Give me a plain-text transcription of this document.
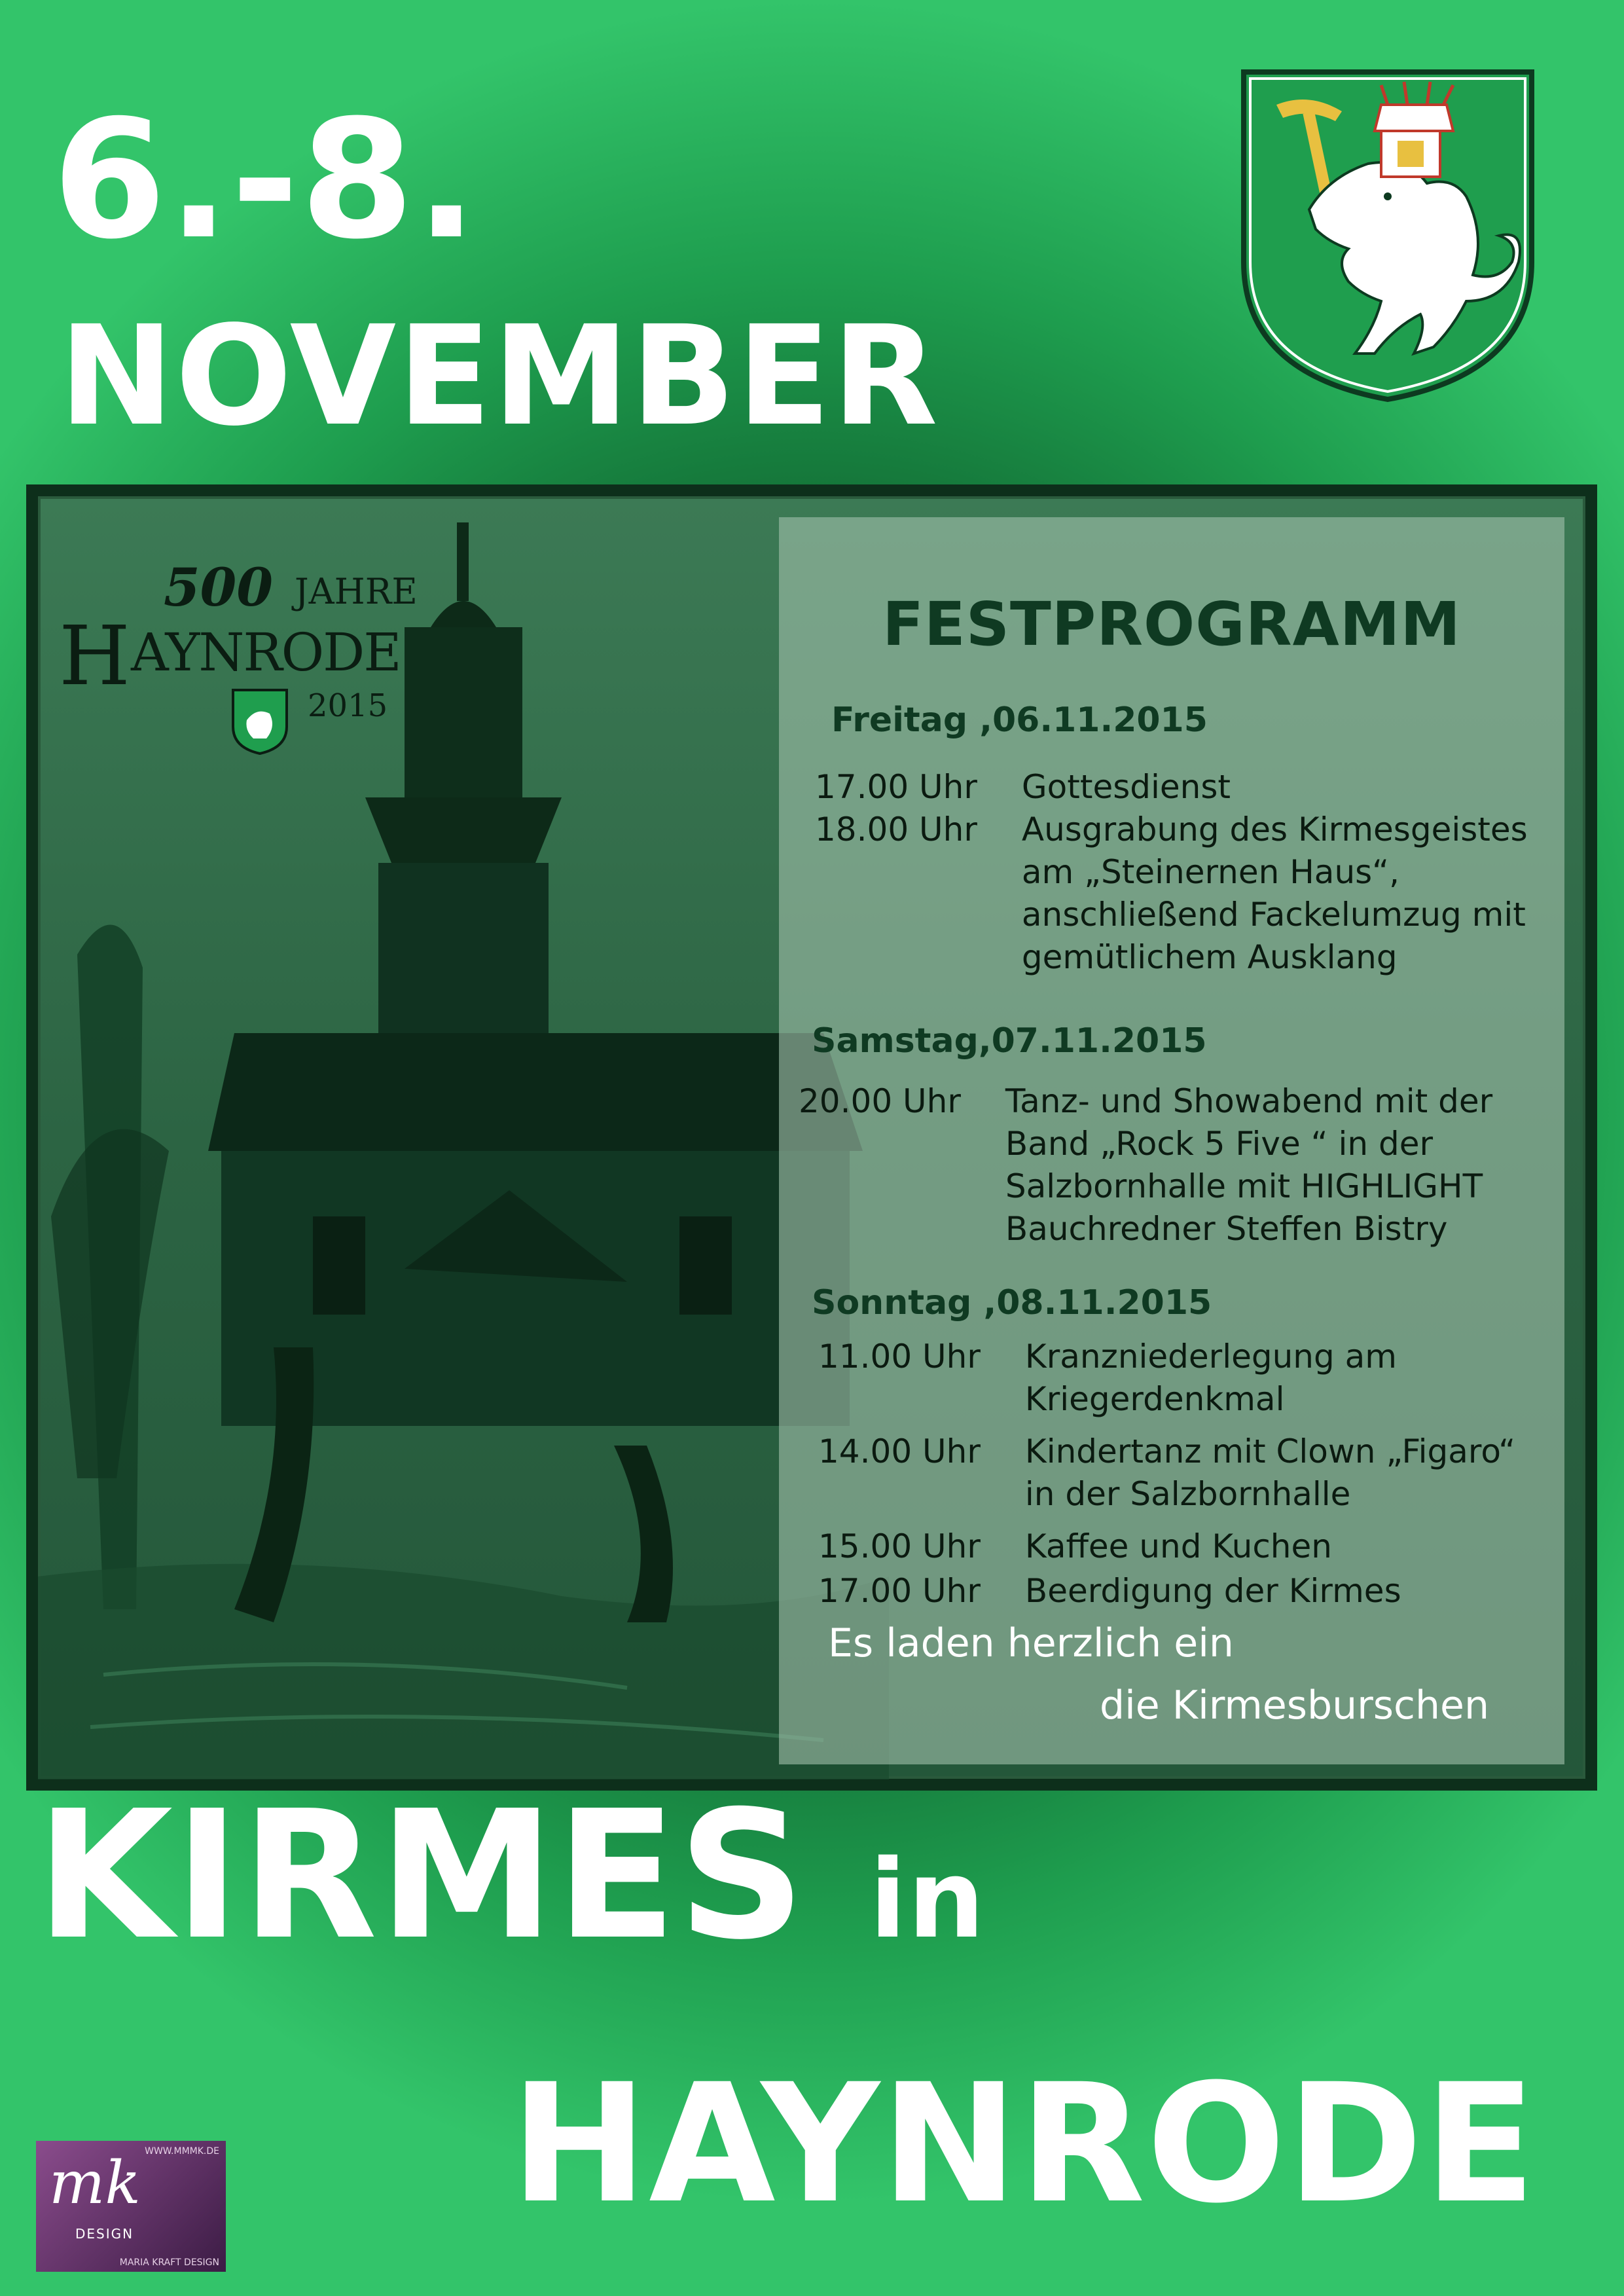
6.-8.
NOVEMBER
H
500 JAHRE
AYNRODE
2015
FESTPROGRAMM
Freitag ,06.11.2015
17.00 Uhr Gottesdienst
18.00 Uhr Ausgrabung des Kirmesgeistes
am „Steinernen Haus“,
anschließend Fackelumzug mit
gemütlichem Ausklang
Samstag,07.11.2015
20.00 Uhr Tanz- und Showabend mit der
Band „Rock 5 Five “ in der
Salzbornhalle mit HIGHLIGHT
Bauchredner Steffen Bistry
Sonntag ,08.11.2015
11.00 Uhr Kranzniederlegung am
Kriegerdenkmal
14.00 Uhr Kindertanz mit Clown „Figaro“
in der Salzbornhalle
15.00 Uhr Kaffee und Kuchen
17.00 Uhr Beerdigung der Kirmes
Es laden herzlich ein
die Kirmesburschen
KIRMES in
HAYNRODE
WWW.MMMK.DE
mk
DESIGN
MARIA KRAFT DESIGN
